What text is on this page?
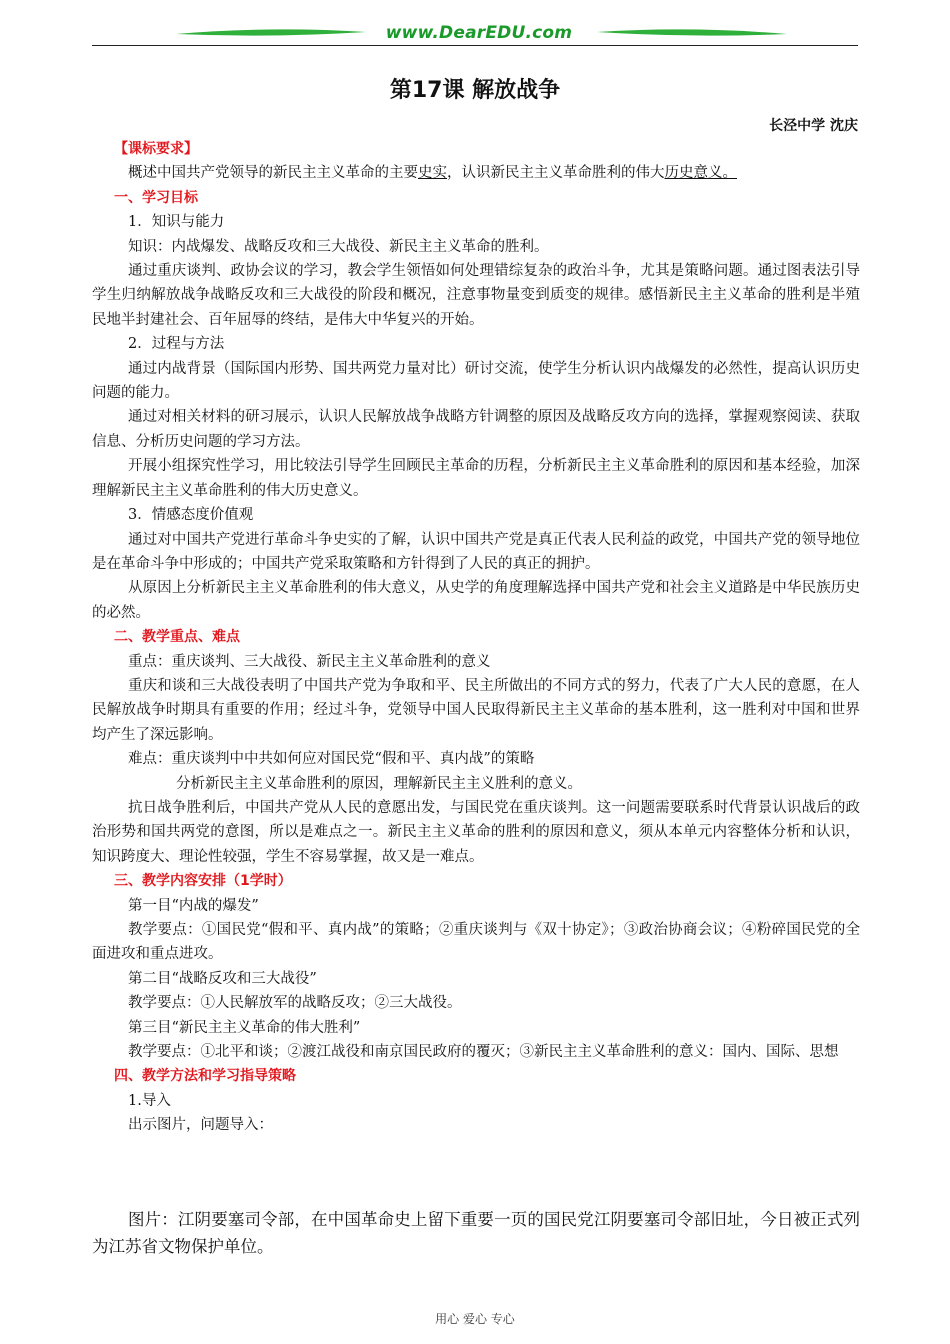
www.DearEDU.com
第17课 解放战争
长泾中学 沈庆
【课标要求】
概述中国共产党领导的新民主主义革命的主要史实，认识新民主主义革命胜利的伟大历史意义。
一、学习目标
1．知识与能力
知识：内战爆发、战略反攻和三大战役、新民主主义革命的胜利。
通过重庆谈判、政协会议的学习，教会学生领悟如何处理错综复杂的政治斗争，尤其是策略问题。通过图表法引导学生归纳解放战争战略反攻和三大战役的阶段和概况，注意事物量变到质变的规律。感悟新民主主义革命的胜利是半殖民地半封建社会、百年屈辱的终结，是伟大中华复兴的开始。
2．过程与方法
通过内战背景（国际国内形势、国共两党力量对比）研讨交流，使学生分析认识内战爆发的必然性，提高认识历史问题的能力。
通过对相关材料的研习展示，认识人民解放战争战略方针调整的原因及战略反攻方向的选择，掌握观察阅读、获取信息、分析历史问题的学习方法。
开展小组探究性学习，用比较法引导学生回顾民主革命的历程，分析新民主主义革命胜利的原因和基本经验，加深理解新民主主义革命胜利的伟大历史意义。
3．情感态度价值观
通过对中国共产党进行革命斗争史实的了解，认识中国共产党是真正代表人民利益的政党，中国共产党的领导地位是在革命斗争中形成的；中国共产党采取策略和方针得到了人民的真正的拥护。
从原因上分析新民主主义革命胜利的伟大意义，从史学的角度理解选择中国共产党和社会主义道路是中华民族历史的必然。
二、教学重点、难点
重点：重庆谈判、三大战役、新民主主义革命胜利的意义
重庆和谈和三大战役表明了中国共产党为争取和平、民主所做出的不同方式的努力，代表了广大人民的意愿，在人民解放战争时期具有重要的作用；经过斗争，党领导中国人民取得新民主主义革命的基本胜利，这一胜利对中国和世界均产生了深远影响。
难点：重庆谈判中中共如何应对国民党“假和平、真内战”的策略
分析新民主主义革命胜利的原因，理解新民主主义胜利的意义。
抗日战争胜利后，中国共产党从人民的意愿出发，与国民党在重庆谈判。这一问题需要联系时代背景认识战后的政治形势和国共两党的意图，所以是难点之一。新民主主义革命的胜利的原因和意义，须从本单元内容整体分析和认识，知识跨度大、理论性较强，学生不容易掌握，故又是一难点。
三、教学内容安排（1学时）
第一目“内战的爆发”
教学要点：①国民党“假和平、真内战”的策略；②重庆谈判与《双十协定》；③政治协商会议；④粉碎国民党的全面进攻和重点进攻。
第二目“战略反攻和三大战役”
教学要点：①人民解放军的战略反攻；②三大战役。
第三目“新民主主义革命的伟大胜利”
教学要点：①北平和谈；②渡江战役和南京国民政府的覆灭；③新民主主义革命胜利的意义：国内、国际、思想
四、教学方法和学习指导策略
1.导入
出示图片，问题导入：
图片：江阴要塞司令部，在中国革命史上留下重要一页的国民党江阴要塞司令部旧址，今日被正式列为江苏省文物保护单位。
用心 爱心 专心
